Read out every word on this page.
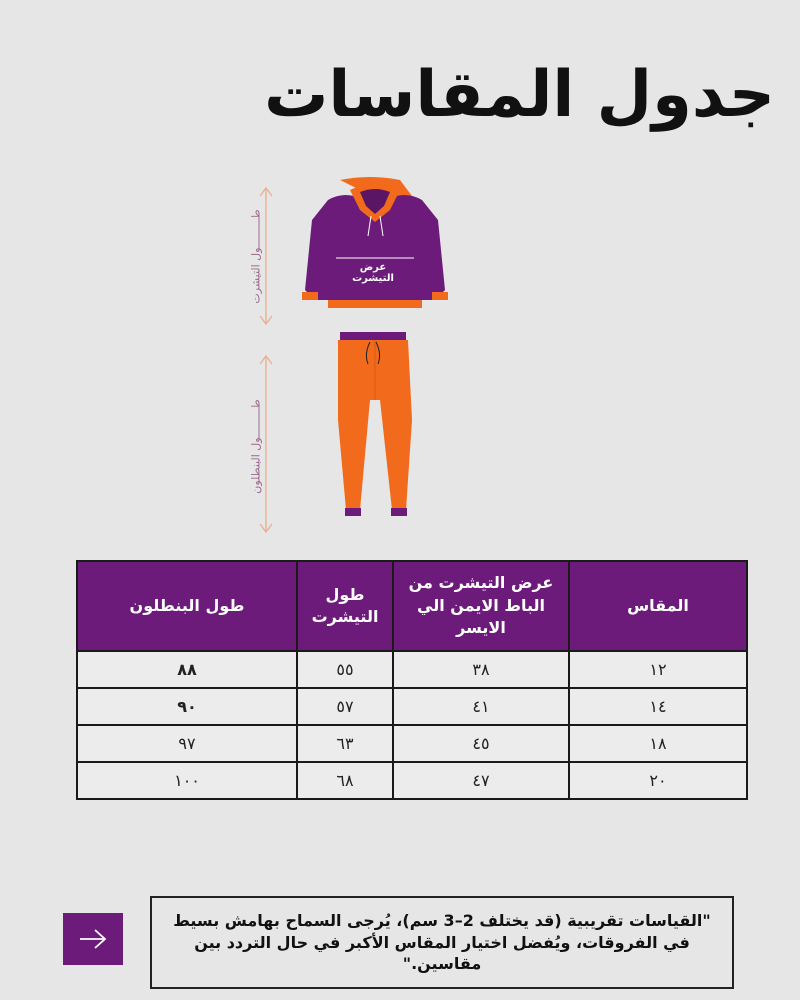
جدول المقاسات
طـــــــــول التيشرت
طـــــــــول البنطلون
عرض التيشرت
المقاس	عرض التيشرت من الباط الايمن الي الايسر	طول التيشرت	طول البنطلون
١٢	٣٨	٥٥	٨٨
١٤	٤١	٥٧	٩٠
١٨	٤٥	٦٣	٩٧
٢٠	٤٧	٦٨	١٠٠

"القياسات تقريبية (قد يختلف 2–3 سم)، يُرجى السماح بهامش بسيط في الفروقات، ويُفضل اختيار المقاس الأكبر في حال التردد بين مقاسين."
